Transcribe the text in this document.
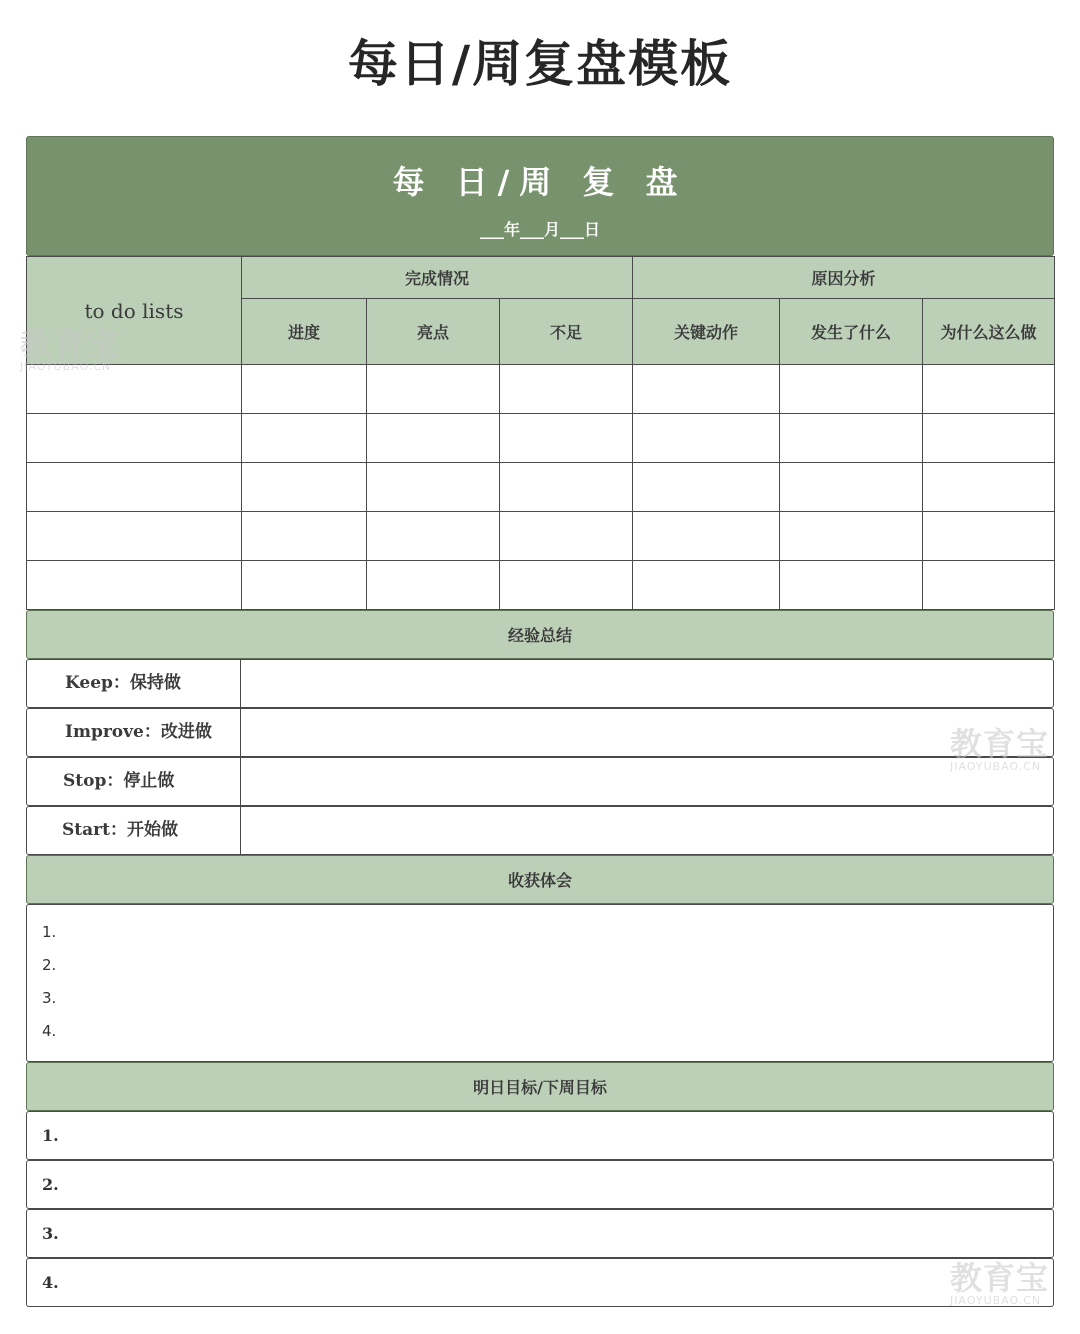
每日/周复盘模板
每 日/周 复 盘
___年___月___日
to do lists	完成情况			原因分析		
	进度	亮点	不足	关键动作	发生了什么	为什么这么做

经验总结
Keep：保持做
Improve：改进做
Stop：停止做
Start：开始做
收获体会
1.
2.
3.
4.
明日目标/下周目标
1.
2.
3.
4.
教育宝
JIAOYUBAO.CN
教育宝
JIAOYUBAO.CN
教育宝
JIAOYUBAO.CN
